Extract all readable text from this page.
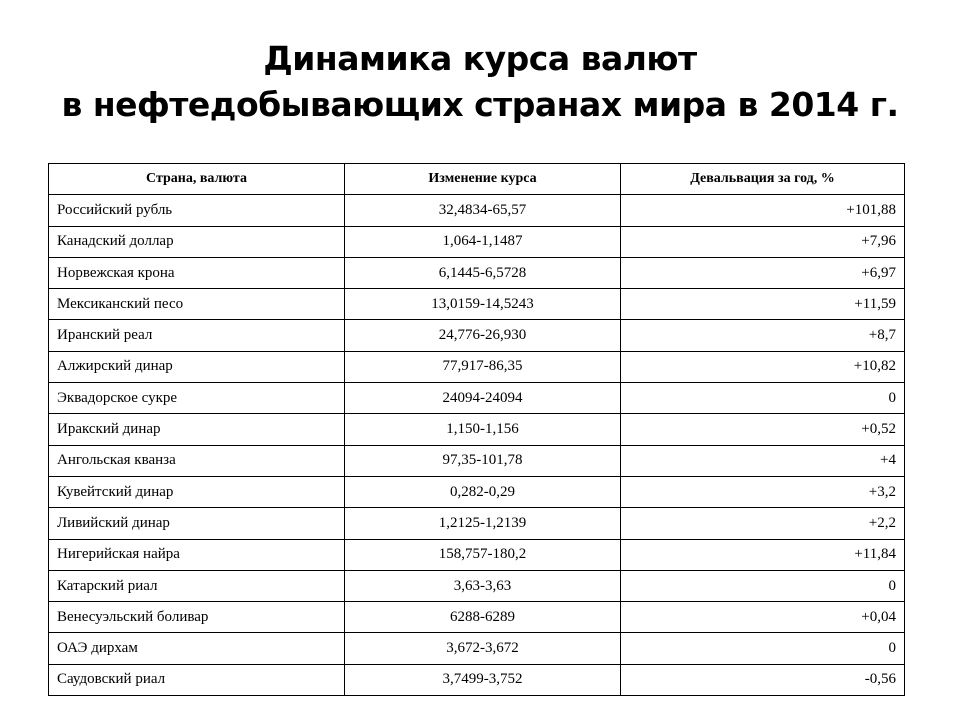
Динамика курса валют
в нефтедобывающих странах мира в 2014 г.
Страна, валюта	Изменение курса	Девальвация за год, %
Российский рубль	32,4834-65,57	+101,88
Канадский доллар	1,064-1,1487	+7,96
Норвежская крона	6,1445-6,5728	+6,97
Мексиканский песо	13,0159-14,5243	+11,59
Иранский реал	24,776-26,930	+8,7
Алжирский динар	77,917-86,35	+10,82
Эквадорское сукре	24094-24094	0
Иракский динар	1,150-1,156	+0,52
Ангольская кванза	97,35-101,78	+4
Кувейтский динар	0,282-0,29	+3,2
Ливийский динар	1,2125-1,2139	+2,2
Нигерийская найра	158,757-180,2	+11,84
Катарский риал	3,63-3,63	0
Венесуэльский боливар	6288-6289	+0,04
ОАЭ дирхам	3,672-3,672	0
Саудовский риал	3,7499-3,752	-0,56
